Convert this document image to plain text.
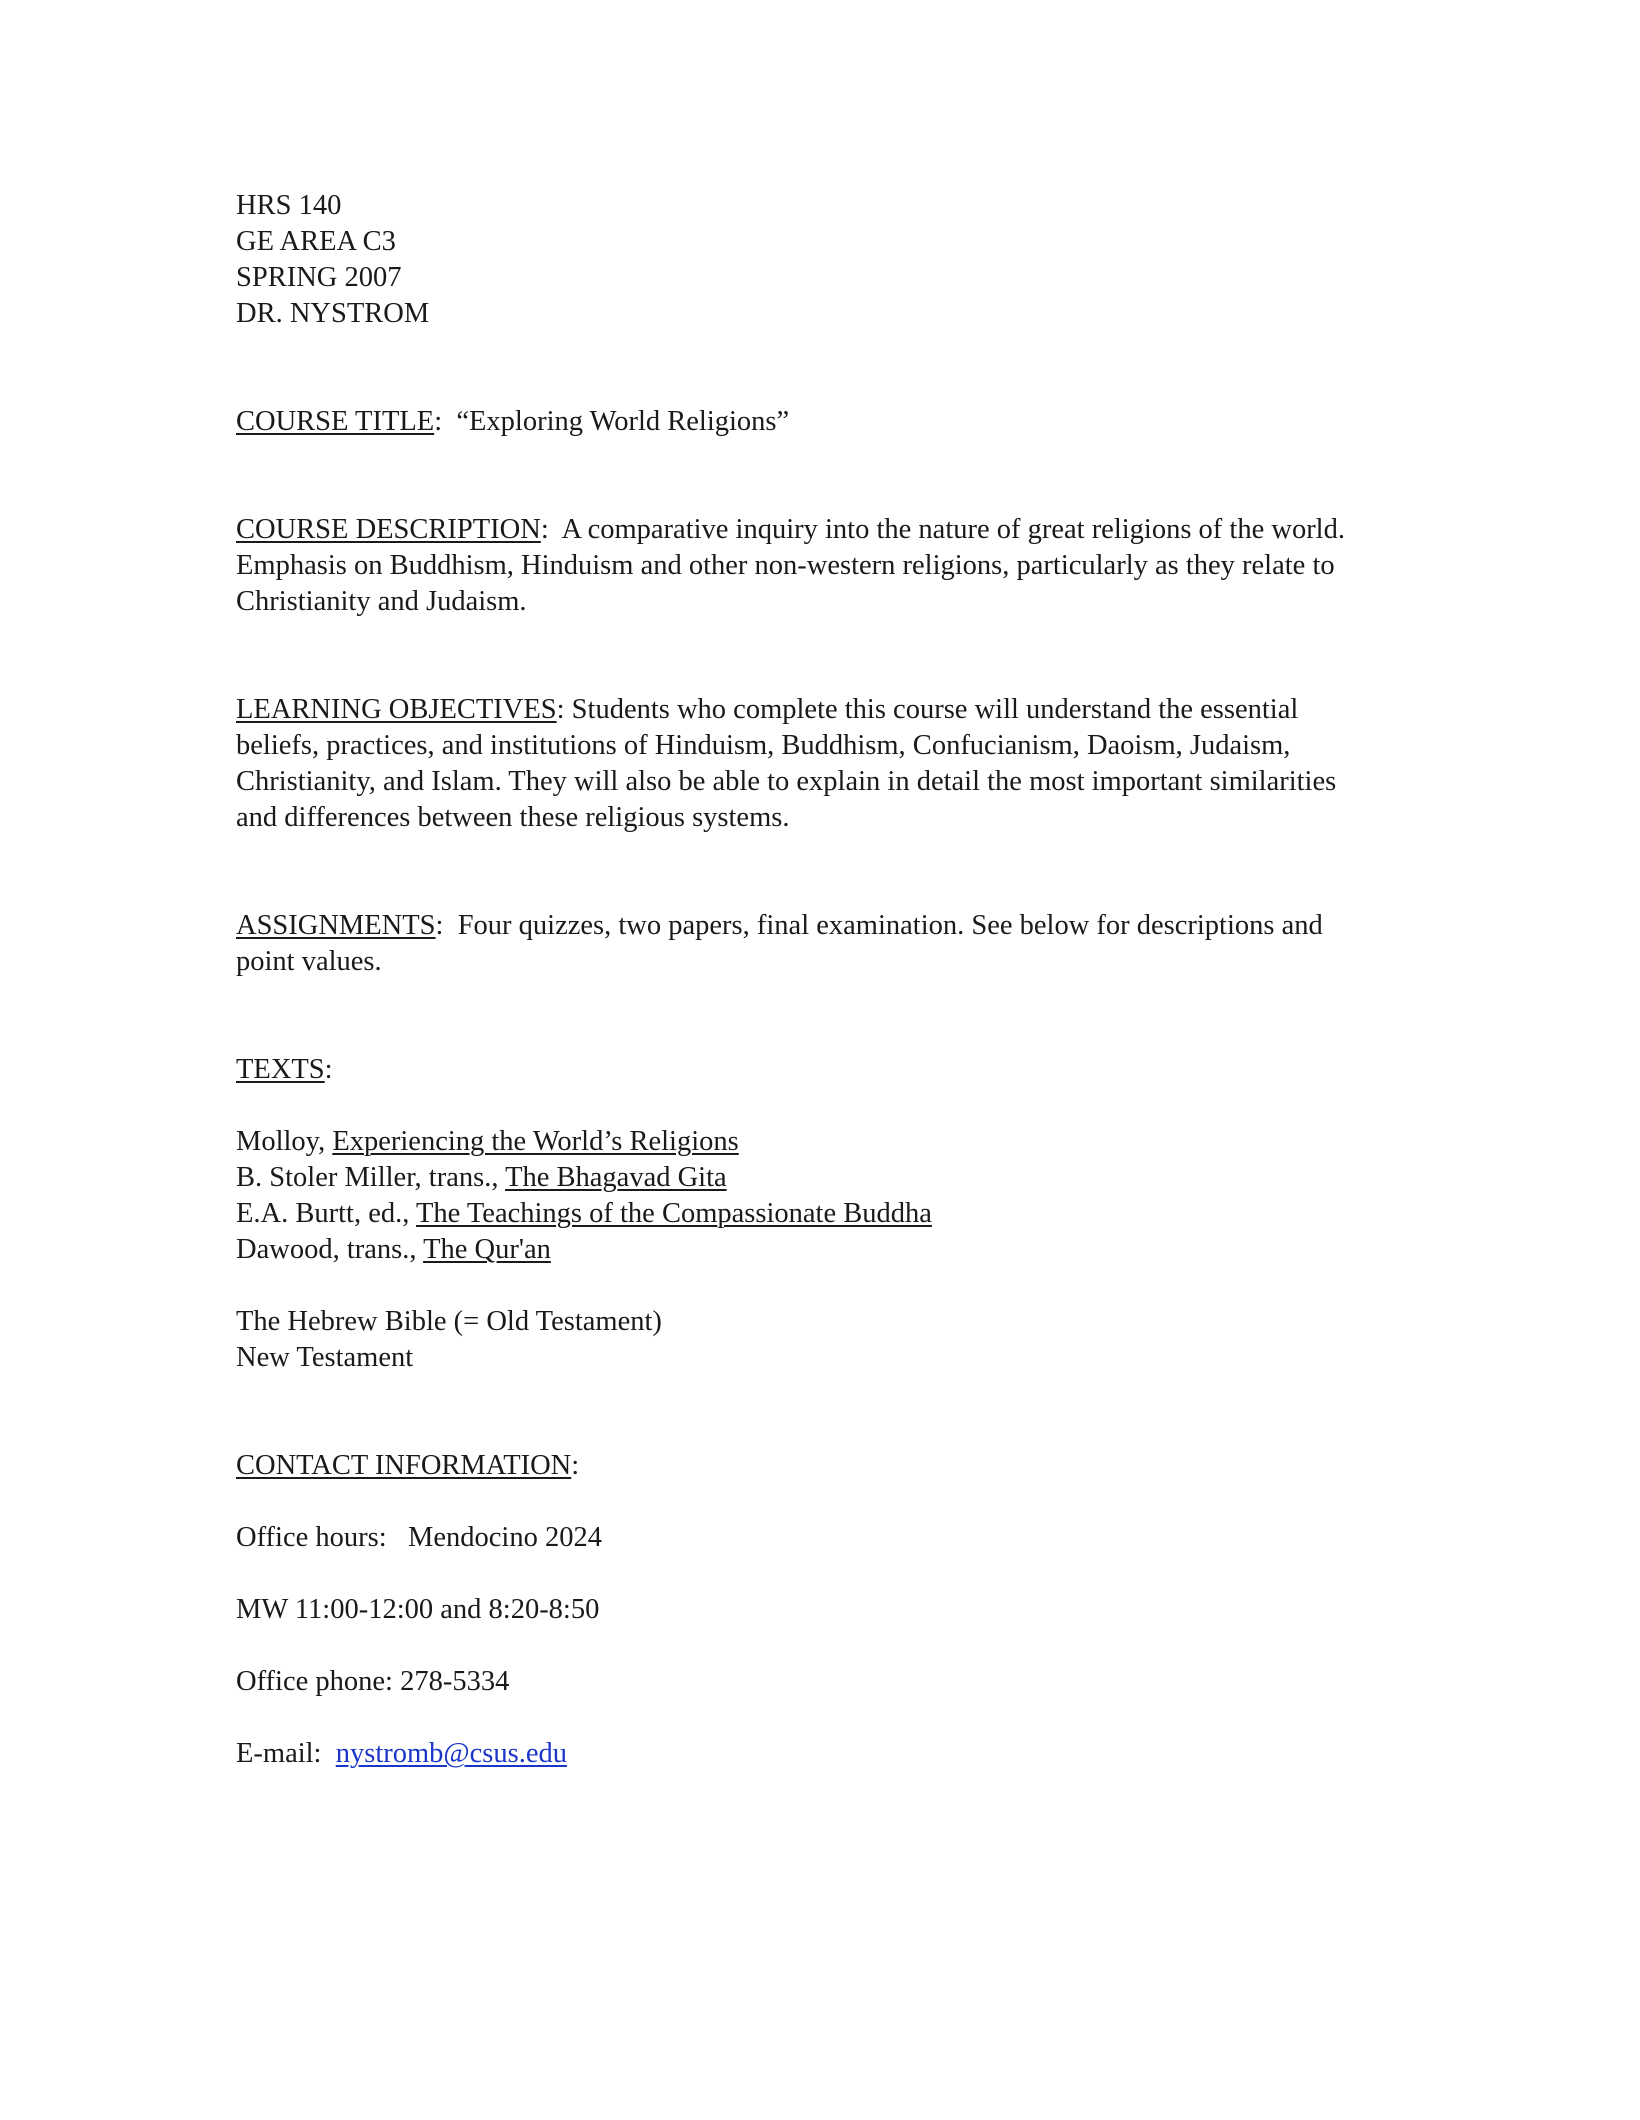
HRS 140
GE AREA C3
SPRING 2007
DR. NYSTROM
COURSE TITLE:  “Exploring World Religions”
COURSE DESCRIPTION:  A comparative inquiry into the nature of great religions of the world.
Emphasis on Buddhism, Hinduism and other non-western religions, particularly as they relate to
Christianity and Judaism.
LEARNING OBJECTIVES: Students who complete this course will understand the essential
beliefs, practices, and institutions of Hinduism, Buddhism, Confucianism, Daoism, Judaism,
Christianity, and Islam. They will also be able to explain in detail the most important similarities
and differences between these religious systems.
ASSIGNMENTS:  Four quizzes, two papers, final examination. See below for descriptions and
point values.
TEXTS:
Molloy, Experiencing the World’s Religions
B. Stoler Miller, trans., The Bhagavad Gita
E.A. Burtt, ed., The Teachings of the Compassionate Buddha
Dawood, trans., The Qur'an
The Hebrew Bible (= Old Testament)
New Testament
CONTACT INFORMATION:
Office hours: Mendocino 2024
MW 11:00-12:00 and 8:20-8:50
Office phone: 278-5334
E-mail: nystromb@csus.edu
